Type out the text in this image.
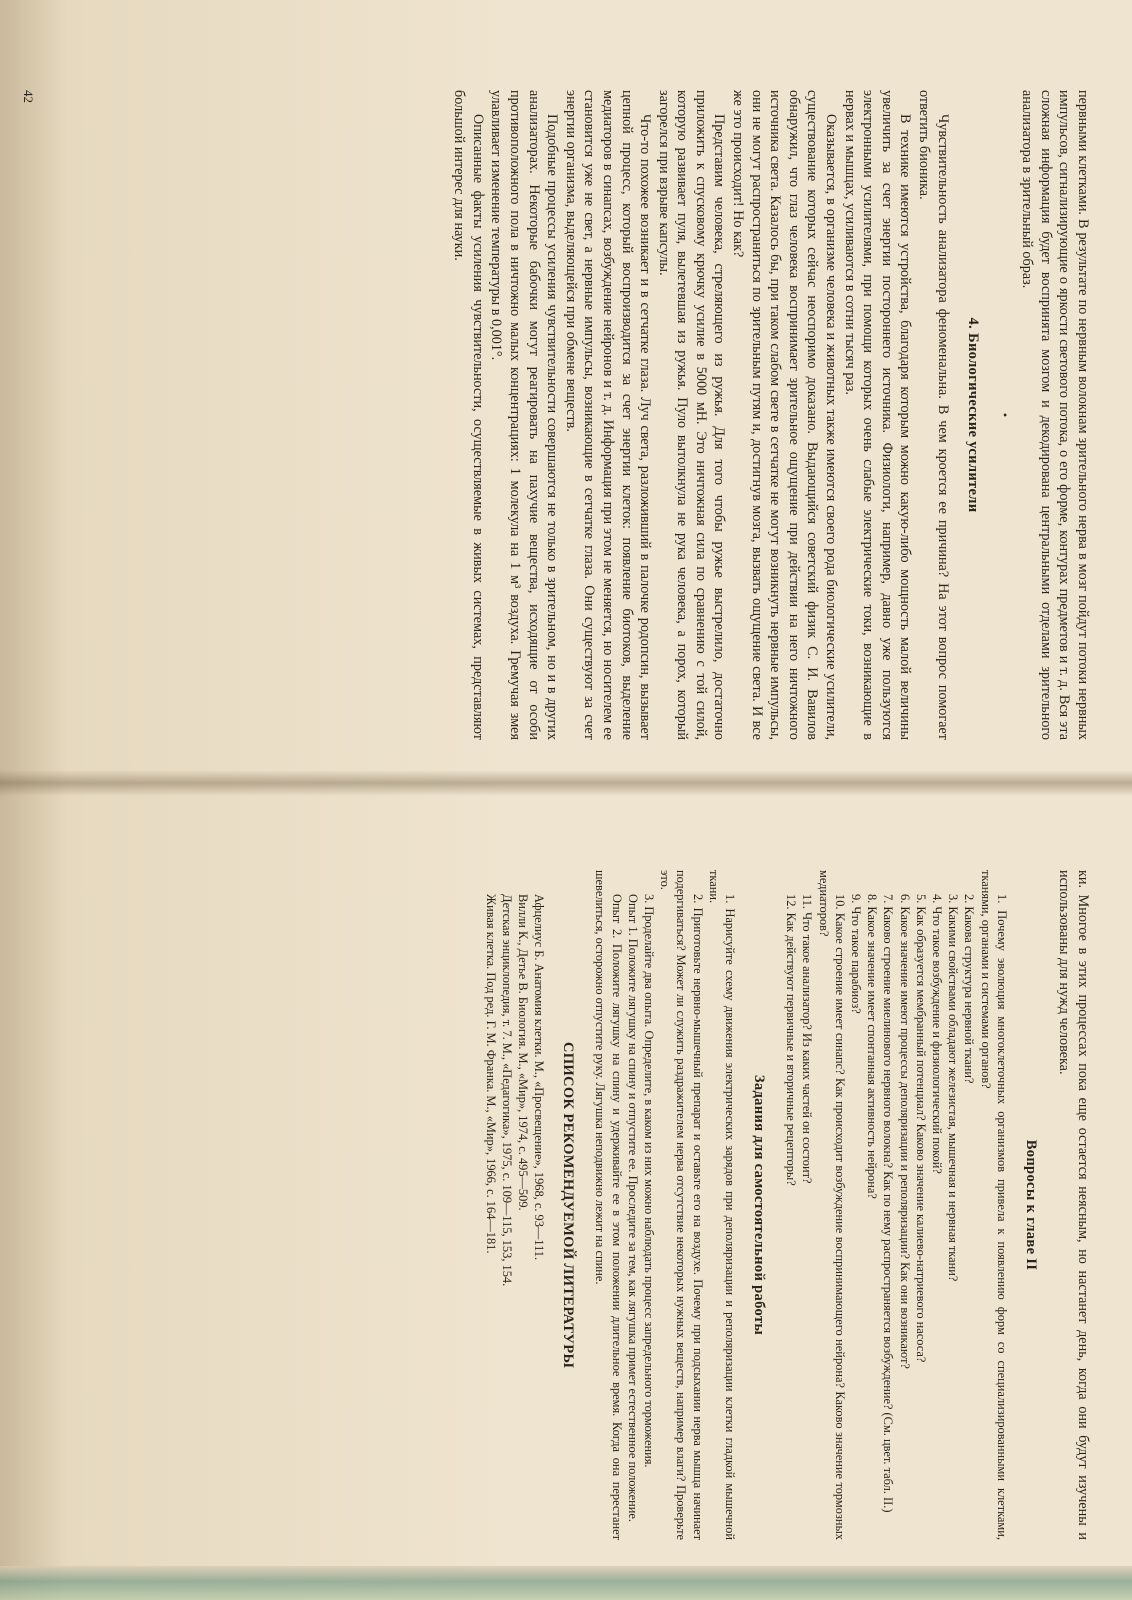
первными клетками. В результате по нервным волокнам зрительного нерва в мозг пойдут потоки нервных импульсов, сигнализирующие о яркости светового потока, о его форме, контурах предметов и т. д. Вся эта сложная информация будет воспринята мозгом и декодирована центральными отделами зрительного анализатора в зрительный образ.

•
4. Биологические усилители

Чувствительность анализатора феноменальна. В чем кроется ее причина? На этот вопрос помогает ответить бионика.

В технике имеются устройства, благодаря которым можно какую-либо мощность малой величины увеличить за счет энергии постороннего источника. Физиологи, например, давно уже пользуются электронными усилителями, при помощи которых очень слабые электрические токи, возникающие в нервах и мышцах, усиливаются в сотни тысяч раз.

Оказывается, в организме человека и животных также имеются своего рода биологические усилители, существование которых сейчас неоспоримо доказано. Выдающийся советский физик С. И. Вавилов обнаружил, что глаз человека воспринимает зрительное ощущение при действии на него ничтожного источника света. Казалось бы, при таком слабом свете в сетчатке не могут возникнуть нервные импульсы, они не могут распространиться по зрительным путям и, достигнув мозга, вызвать ощущение света. И все же это происходит! Но как?

Представим человека, стреляющего из ружья. Для того чтобы ружье выстрелило, достаточно приложить к спусковому крючку усилие в 5000 мН. Это ничтожная сила по сравнению с той силой, которую развивает пуля, вылетевшая из ружья. Пуло вытолкнула не рука человека, а порох, который загорелся при взрыве капсулы.

Что-то похожее возникает и в сетчатке глаза. Луч света, разложивший в палочке родопсин, вызывает цепной процесс, который воспроизводится за счет энергии клеток: появление биотоков, выделение медиаторов в синапсах, возбуждение нейронов и т. д. Информация при этом не меняется, но носителем ее становится уже не свет, а нервные импульсы, возникающие в сетчатке глаза. Они существуют за счет энергии организма, выделяющейся при обмене веществ.

Подобные процессы усиления чувствительности совершаются не только в зрительном, но и в других анализаторах. Некоторые бабочки могут реагировать на пахучие вещества, исходящие от особи противоположного пола в ничтожно малых концентрациях: 1 молекула на 1 м³ воздуха. Гремучая змея улавливает изменение температуры в 0,001°.

Описанные факты усиления чувствительности, осуществляемые в живых системах, представляют большой интерес для науки.

42

ки. Многое в этих процессах пока еще остается неясным, но настанет день, когда они будут изучены и использованы для нужд человека.

Вопросы к главе II
1. Почему эволюция многоклеточных организмов привела к появлению форм со специализированными клетками, тканями, органами и системами органов?
2. Какова структура нервной ткани?
3. Какими свойствами обладают железистая, мышечная и нервная ткани?
4. Что такое возбуждение и физиологический покой?
5. Как образуется мембранный потенциал? Каково значение калиево-натриевого насоса?
6. Какое значение имеют процессы деполяризации и реполяризации? Как они возникают?
7. Каково строение миелинового нервного волокна? Как по нему распространяется возбуждение? (См. цвет. табл. II.)
8. Какое значение имеет спонтанная активность нейрона?
9. Что такое парабиоз?
10. Какое строение имеет синапс? Как происходит возбуждение воспринимающего нейрона? Каково значение тормозных медиаторов?
11. Что такое анализатор? Из каких частей он состоит?
12. Как действуют первичные и вторичные рецепторы?
Задания для самостоятельной работы

1. Нарисуйте схему движения электрических зарядов при деполяризации и реполяризации клетки гладкой мышечной ткани.

2. Приготовьте нервно-мышечный препарат и оставьте его на воздухе. Почему при подсыхании нерва мышца начинает подергиваться? Может ли служить раздражителем нерва отсутствие некоторых нужных веществ, например влаги? Проверьте это.

3. Проделайте два опыта. Определите, в каком из них можно наблюдать процесс запредельного торможения.

Опыт 1. Положите лягушку на спину и отпустите ее. Проследите за тем, как лягушка примет естественное положение.

Опыт 2. Положите лягушку на спину и удерживайте ее в этом положении длительное время. Когда она перестанет шевелиться, осторожно отпустите руку. Лягушка неподвижно лежит на спине.

СПИСОК РЕКОМЕНДУЕМОЙ ЛИТЕРАТУРЫ

Афцелиус Б. Анатомия клетки. М., «Просвещение», 1968, с. 93—111.

Вилли К., Детье В. Биология. М., «Мир», 1974, с. 495—509.

Детская энциклопедия, т. 7. М., «Педагогика», 1975, с. 109—115, 153, 154.

Живая клетка. Под ред. Г. М. Франка. М., «Мир», 1966, с. 164—181.
